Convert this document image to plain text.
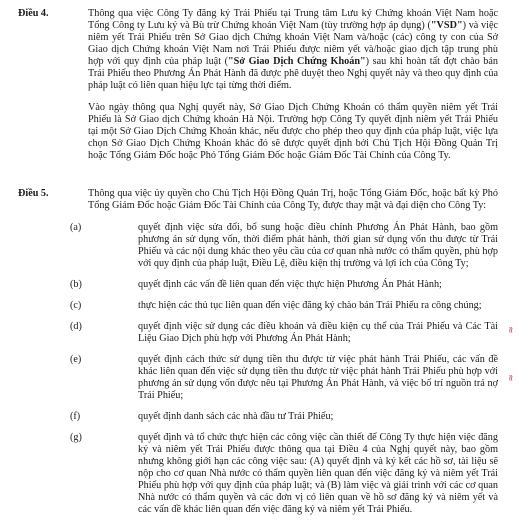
Điều 4.	Thông qua việc Công Ty đăng ký Trái Phiếu tại Trung tâm Lưu ký Chứng khoán Việt Nam hoặc Tổng Công ty Lưu ký và Bù trừ Chứng khoán Việt Nam (tùy trường hợp áp dụng) ("VSD") và việc niêm yết Trái Phiếu trên Sở Giao dịch Chứng khoán Việt Nam và/hoặc (các) công ty con của Sở Giao dịch Chứng khoán Việt Nam nơi Trái Phiếu được niêm yết và/hoặc giao dịch tập trung phù hợp với quy định của pháp luật ("Sở Giao Dịch Chứng Khoán") sau khi hoàn tất đợt chào bán Trái Phiếu theo Phương Án Phát Hành đã được phê duyệt theo Nghị quyết này và theo quy định của pháp luật có liên quan hiệu lực tại từng thời điểm.

Vào ngày thông qua Nghị quyết này, Sở Giao Dịch Chứng Khoán có thẩm quyền niêm yết Trái Phiếu là Sở Giao dịch Chứng khoán Hà Nội. Trường hợp Công Ty quyết định niêm yết Trái Phiếu tại một Sở Giao Dịch Chứng Khoán khác, nếu được cho phép theo quy định của pháp luật, việc lựa chọn Sở Giao Dịch Chứng Khoán khác đó sẽ được quyết định bởi Chủ Tịch Hội Đồng Quản Trị hoặc Tổng Giám Đốc hoặc Phó Tổng Giám Đốc hoặc Giám Đốc Tài Chính của Công Ty.

Điều 5.	Thông qua việc ủy quyền cho Chủ Tịch Hội Đồng Quản Trị, hoặc Tổng Giám Đốc, hoặc bất kỳ Phó Tổng Giám Đốc hoặc Giám Đốc Tài Chính của Công Ty, được thay mặt và đại diện cho Công Ty:

(a)	quyết định việc sửa đổi, bổ sung hoặc điều chỉnh Phương Án Phát Hành, bao gồm phương án sử dụng vốn, thời điểm phát hành, thời gian sử dụng vốn thu được từ Trái Phiếu và các nội dung khác theo yêu cầu của cơ quan nhà nước có thẩm quyền, phù hợp với quy định của pháp luật, Điều Lệ, điều kiện thị trường và lợi ích của Công Ty;
(b)	quyết định các vấn đề liên quan đến việc thực hiện Phương Án Phát Hành;
(c)	thực hiện các thủ tục liên quan đến việc đăng ký chào bán Trái Phiếu ra công chúng;
(d)	quyết định việc sử dụng các điều khoản và điều kiện cụ thể của Trái Phiếu và Các Tài Liệu Giao Dịch phù hợp với Phương Án Phát Hành;
(e)	quyết định cách thức sử dụng tiền thu được từ việc phát hành Trái Phiếu, các vấn đề khác liên quan đến việc sử dụng tiền thu được từ việc phát hành Trái Phiếu phù hợp với phương án sử dụng vốn được nêu tại Phương Án Phát Hành, và việc bố trí nguồn trả nợ Trái Phiếu;
(f)	quyết định danh sách các nhà đầu tư Trái Phiếu;
(g)	quyết định và tổ chức thực hiện các công việc cần thiết để Công Ty thực hiện việc đăng ký và niêm yết Trái Phiếu được thông qua tại Điều 4 của Nghị quyết này, bao gồm nhưng không giới hạn các công việc sau: (A) quyết định và ký kết các hồ sơ, tài liệu sẽ nộp cho cơ quan Nhà nước có thẩm quyền liên quan đến việc đăng ký và niêm yết Trái Phiếu phù hợp với quy định của pháp luật; và (B) làm việc và giải trình với các cơ quan Nhà nước có thẩm quyền và các đơn vị có liên quan về hồ sơ đăng ký và niêm yết và các vấn đề khác liên quan đến việc đăng ký và niêm yết Trái Phiếu.
≈
≈
